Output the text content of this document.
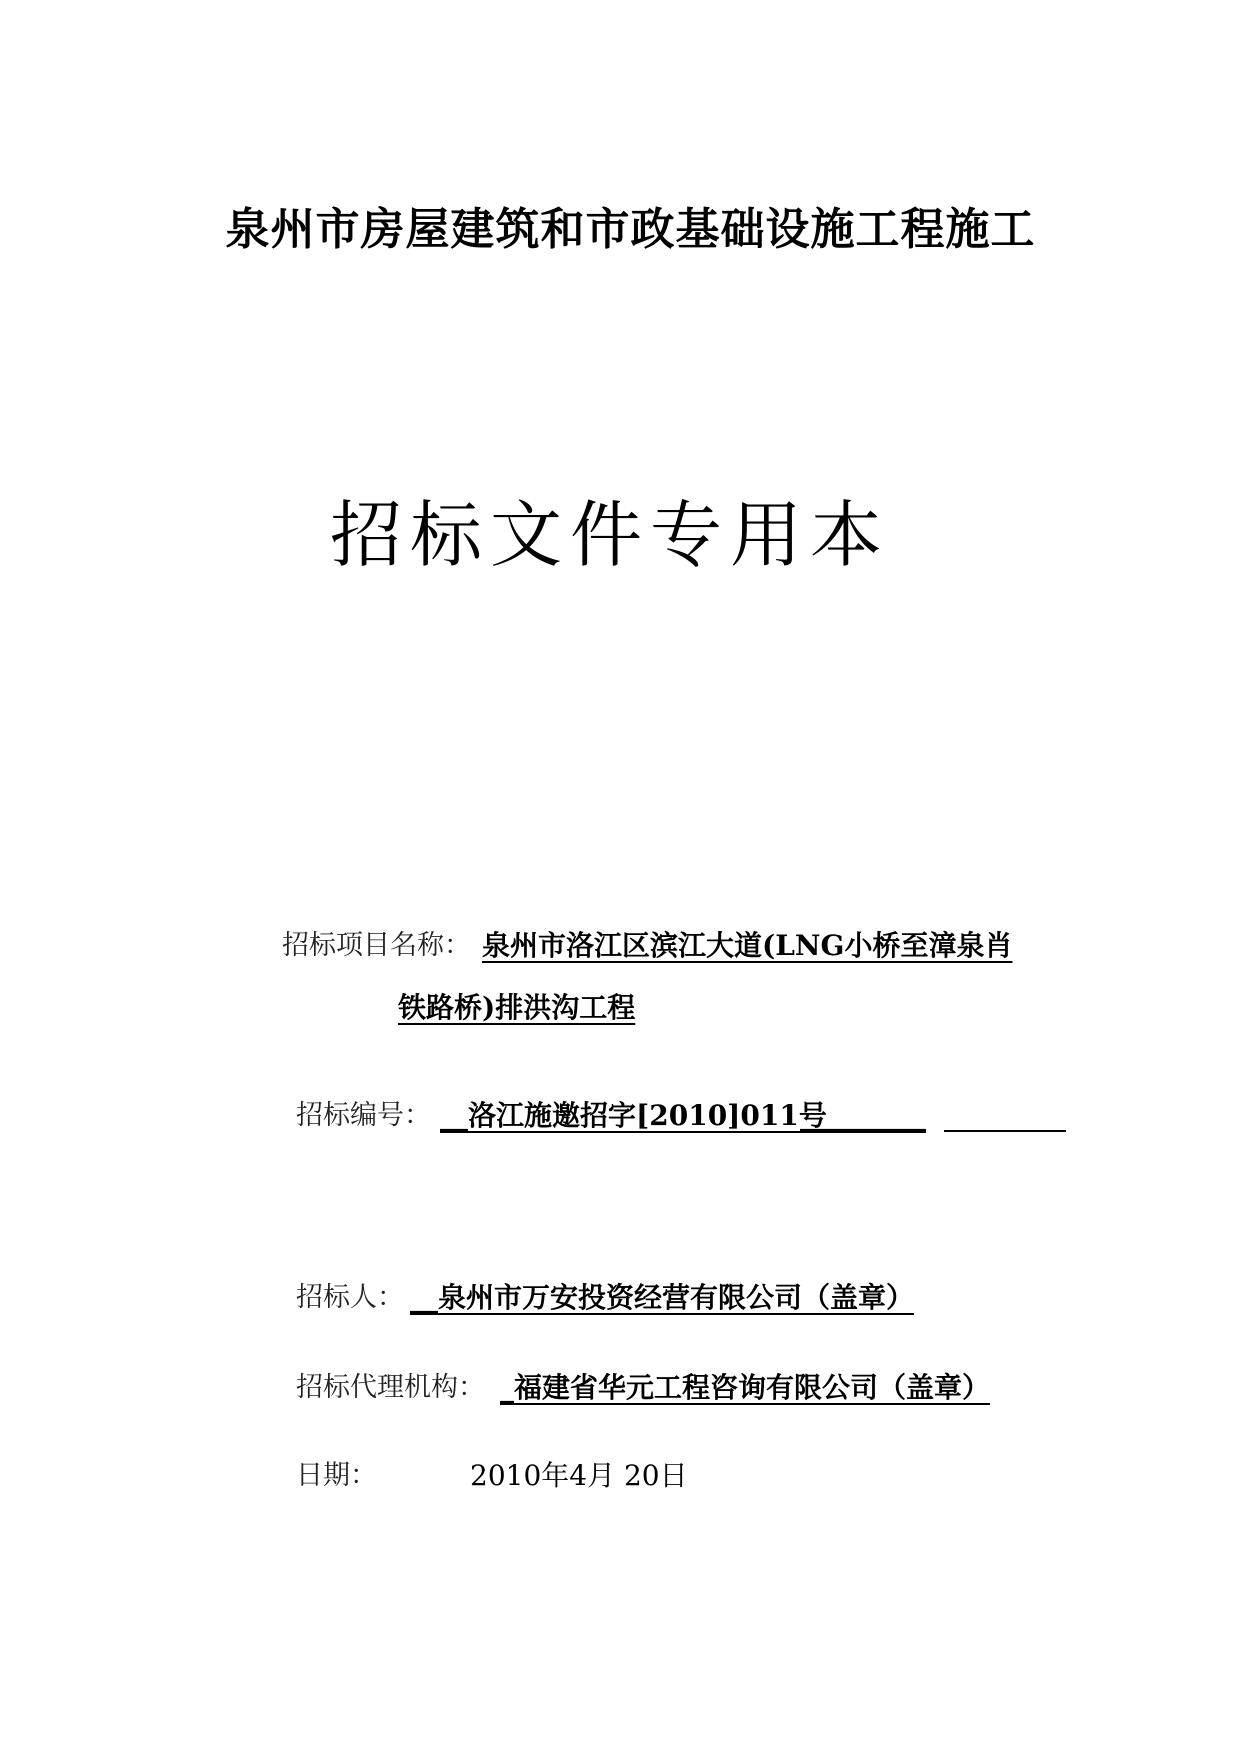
泉州市房屋建筑和市政基础设施工程施工
招标文件专用本
招标项目名称： 泉州市洛江区滨江大道(LNG小桥至漳泉肖
铁路桥)排洪沟工程
招标编号： __洛江施邀招字[2010]011号
_________
招标人： __泉州市万安投资经营有限公司（盖章）
招标代理机构： _福建省华元工程咨询有限公司（盖章）
日期：	2010年4月 20日
